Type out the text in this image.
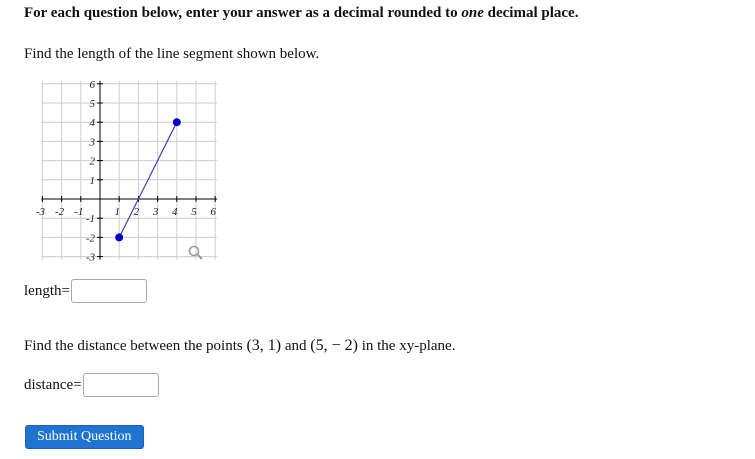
For each question below, enter your answer as a decimal rounded to one decimal place.
Find the length of the line segment shown below.
-3 -2 -1	1 2 3 4 5 6
6
5
4
3
2
1
-1
-2
-3
length=
Find the distance between the points (3, 1) and (5, − 2) in the xy-plane.
distance=
Submit Question
